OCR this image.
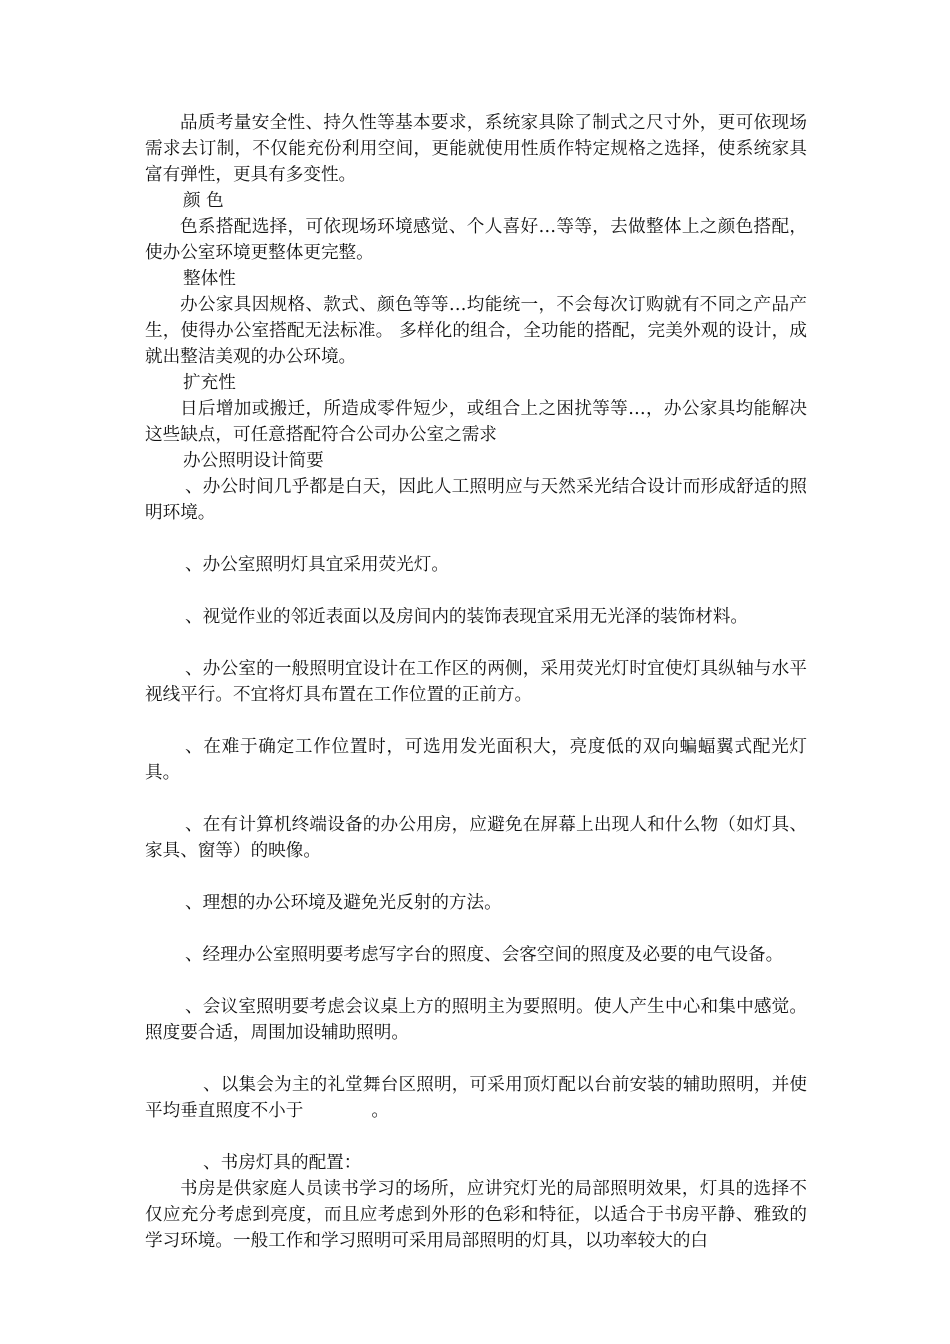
品质考量安全性、持久性等基本要求，系统家具除了制式之尺寸外，更可依现场需求去订制，不仅能充份利用空间，更能就使用性质作特定规格之选择，使系统家具富有弹性，更具有多变性。

颜 色

色系搭配选择，可依现场环境感觉、个人喜好…等等，去做整体上之颜色搭配，使办公室环境更整体更完整。

整体性

办公家具因规格、款式、颜色等等…均能统一，不会每次订购就有不同之产品产生，使得办公室搭配无法标准。 多样化的组合，全功能的搭配，完美外观的设计，成就出整洁美观的办公环境。

扩充性

日后增加或搬迁，所造成零件短少，或组合上之困扰等等…，办公家具均能解决这些缺点，可任意搭配符合公司办公室之需求

办公照明设计简要

、办公时间几乎都是白天，因此人工照明应与天然采光结合设计而形成舒适的照明环境。

、办公室照明灯具宜采用荧光灯。

、视觉作业的邻近表面以及房间内的装饰表现宜采用无光泽的装饰材料。

、办公室的一般照明宜设计在工作区的两侧，采用荧光灯时宜使灯具纵轴与水平视线平行。不宜将灯具布置在工作位置的正前方。

、在难于确定工作位置时，可选用发光面积大，亮度低的双向蝙蝠翼式配光灯具。

、在有计算机终端设备的办公用房，应避免在屏幕上出现人和什么物（如灯具、家具、窗等）的映像。

、理想的办公环境及避免光反射的方法。

、经理办公室照明要考虑写字台的照度、会客空间的照度及必要的电气设备。

、会议室照明要考虑会议桌上方的照明主为要照明。使人产生中心和集中感觉。照度要合适，周围加设辅助照明。

、以集会为主的礼堂舞台区照明，可采用顶灯配以台前安装的辅助照明，并使平均垂直照度不小于	。

、书房灯具的配置：

书房是供家庭人员读书学习的场所，应讲究灯光的局部照明效果，灯具的选择不仅应充分考虑到亮度，而且应考虑到外形的色彩和特征，以适合于书房平静、雅致的学习环境。一般工作和学习照明可采用局部照明的灯具，以功率较大的白
